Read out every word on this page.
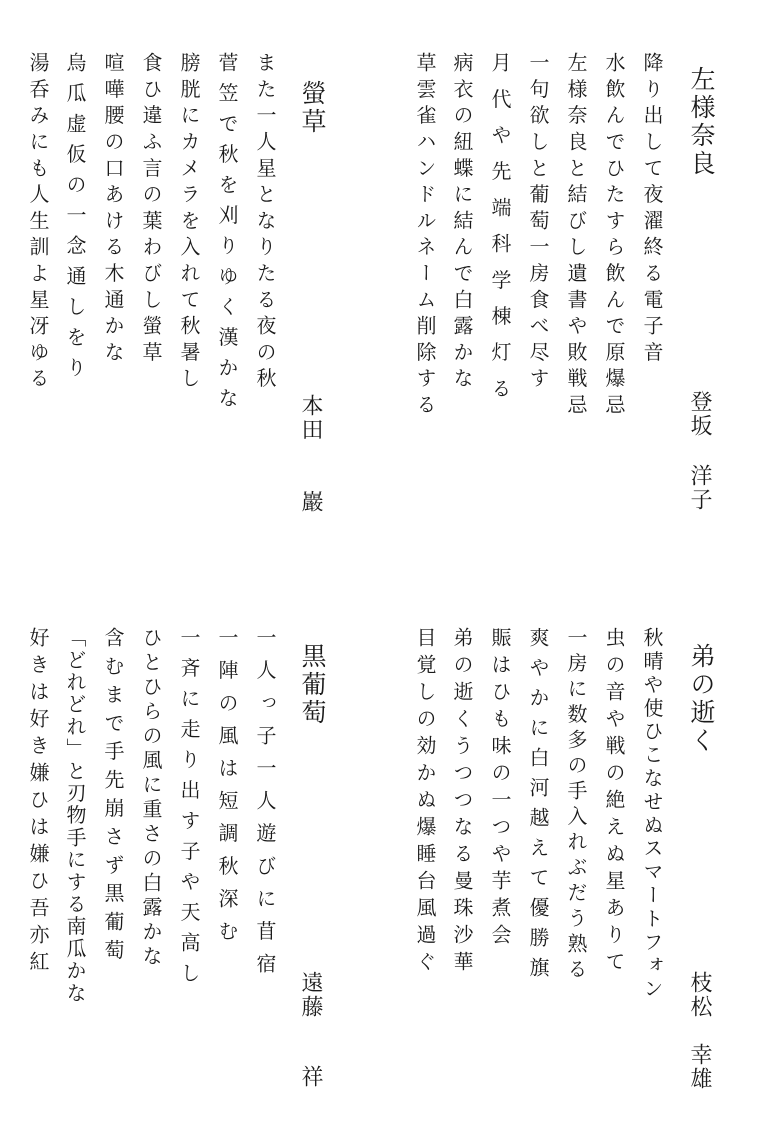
左様奈良
登坂洋子
降り出して夜濯終る電子音
水飲んでひたすら飲んで原爆忌
左様奈良と結びし遺書や敗戦忌
一句欲しと葡萄一房食べ尽す
月代や先端科学棟灯る
病衣の紐蝶に結んで白露かな
草雲雀ハンドルネーム削除する
螢草
本田巖
また一人星となりたる夜の秋
菅笠で秋を刈りゆく漢かな
膀胱にカメラを入れて秋暑し
食ひ違ふ言の葉わびし螢草
喧嘩腰の口あける木通かな
烏瓜虚仮の一念通しをり
湯呑みにも人生訓よ星冴ゆる
弟の逝く
枝松幸雄
秋晴や使ひこなせぬスマートフォン
虫の音や戦の絶えぬ星ありて
一房に数多の手入れぶだう熟る
爽やかに白河越えて優勝旗
賑はひも味の一つや芋煮会
弟の逝くうつつなる曼珠沙華
目覚しの効かぬ爆睡台風過ぐ
黒葡萄
遠藤祥
一人っ子一人遊びに苜宿
一陣の風は短調秋深む
一斉に走り出す子や天高し
ひとひらの風に重さの白露かな
含むまで手先崩さず黒葡萄
「どれどれ」と刃物手にする南瓜かな
好きは好き嫌ひは嫌ひ吾亦紅
